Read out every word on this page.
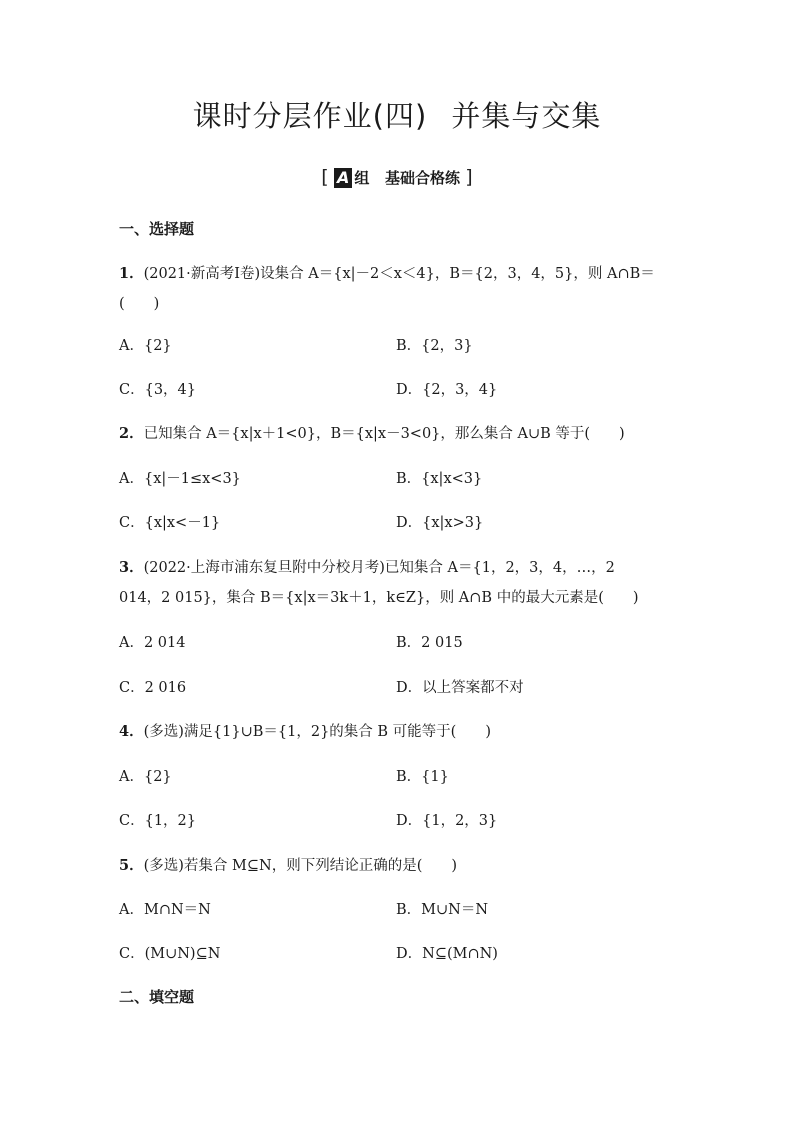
课时分层作业(四) 并集与交集
[ A 组 基础合格练 ]
一、选择题
1．(2021·新高考Ⅰ卷)设集合 A＝{x|－2＜x＜4}，B＝{2，3，4，5}，则 A∩B＝
(　　)
A．{2}	B．{2，3}
C．{3，4}	D．{2，3，4}
2．已知集合 A＝{x|x＋1<0}，B＝{x|x－3<0}，那么集合 A∪B 等于(　　)
A．{x|－1≤x<3}	B．{x|x<3}
C．{x|x<－1}	D．{x|x>3}
3．(2022·上海市浦东复旦附中分校月考)已知集合 A＝{1，2，3，4，…，2
014，2 015}，集合 B＝{x|x＝3k＋1，k∈Z}，则 A∩B 中的最大元素是(　　)
A．2 014	B．2 015
C．2 016	D．以上答案都不对
4．(多选)满足{1}∪B＝{1，2}的集合 B 可能等于(　　)
A．{2}	B．{1}
C．{1，2}	D．{1，2，3}
5．(多选)若集合 M⊆N，则下列结论正确的是(　　)
A．M∩N＝N	B．M∪N＝N
C．(M∪N)⊆N	D．N⊆(M∩N)
二、填空题
